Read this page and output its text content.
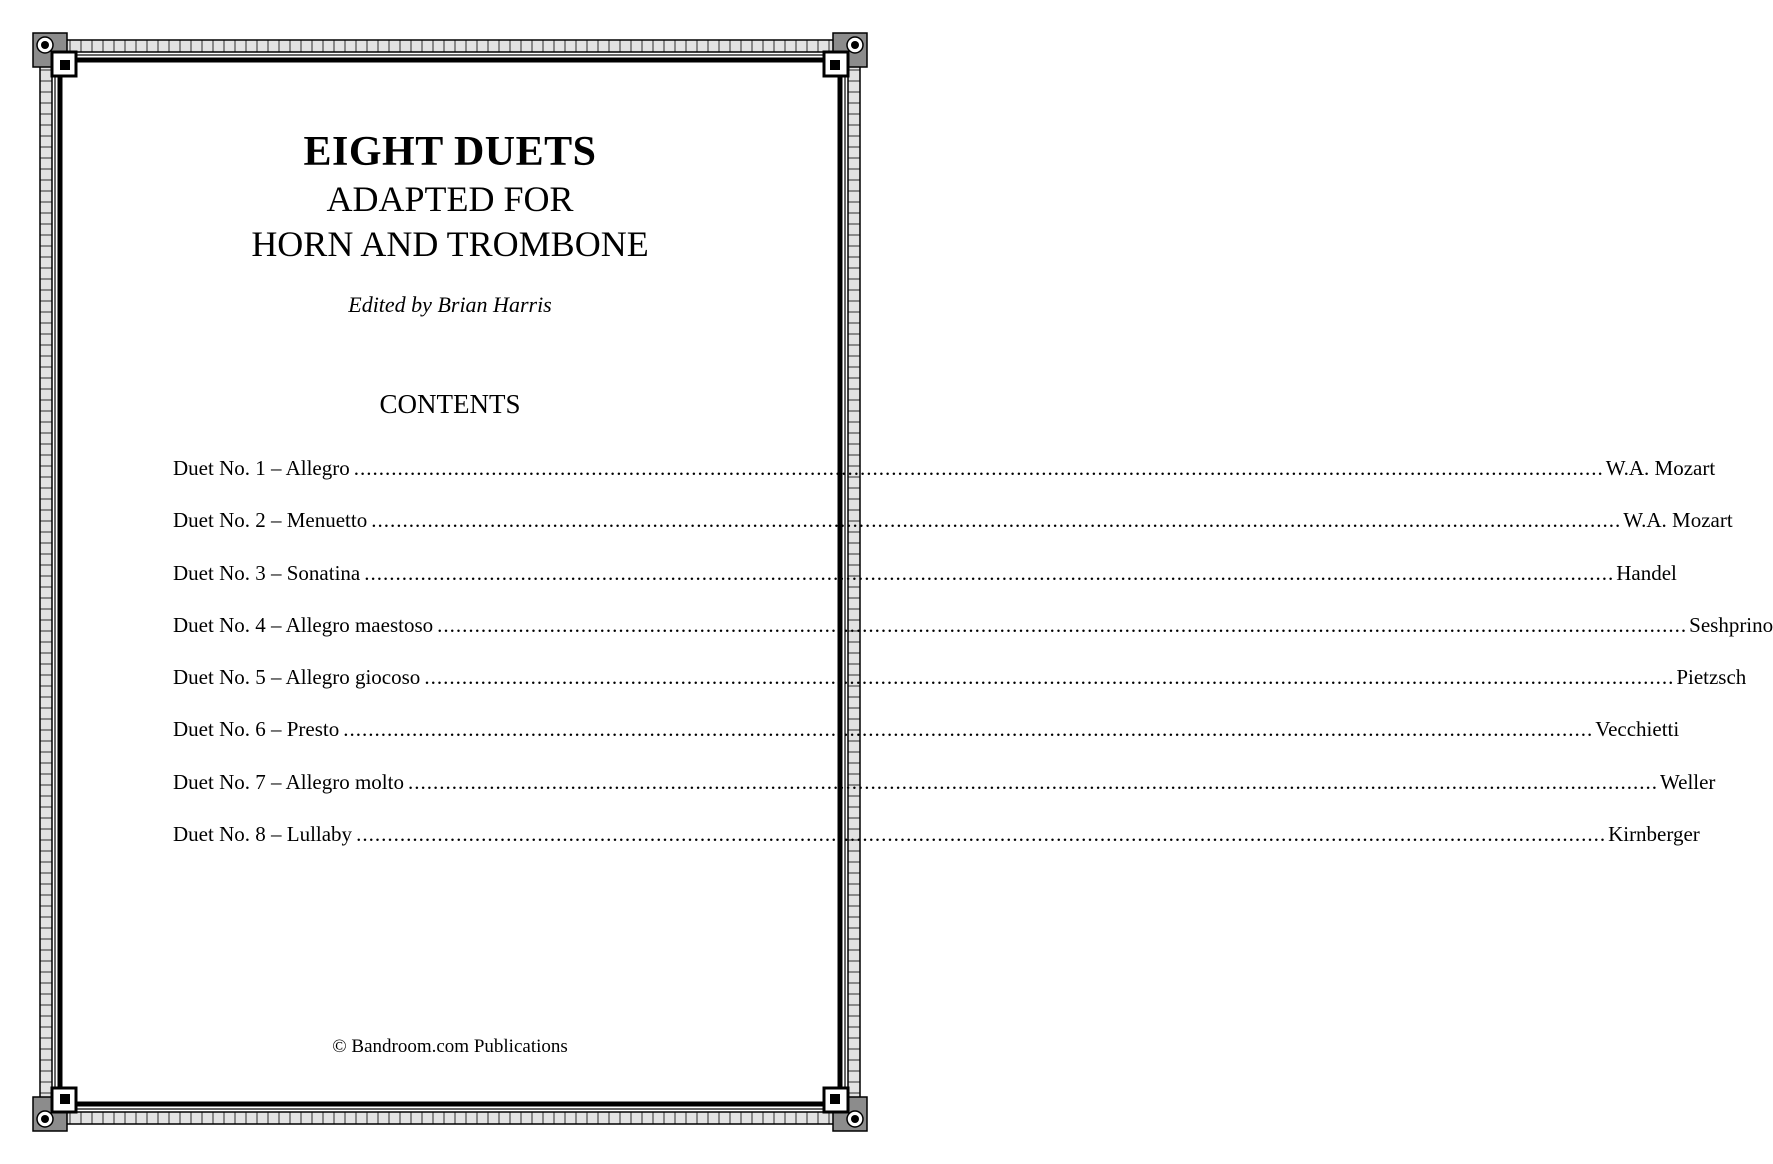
EIGHT DUETS
ADAPTED FOR
HORN AND TROMBONE
Edited by Brian Harris
CONTENTS
Duet No. 1 – Allegro ........................................................................................................................................................................................................ W.A. Mozart
Duet No. 2 – Menuetto ........................................................................................................................................................................................................ W.A. Mozart
Duet No. 3 – Sonatina ........................................................................................................................................................................................................ Handel
Duet No. 4 – Allegro maestoso ........................................................................................................................................................................................................ Seshprino
Duet No. 5 – Allegro giocoso ........................................................................................................................................................................................................ Pietzsch
Duet No. 6 – Presto ........................................................................................................................................................................................................ Vecchietti
Duet No. 7 – Allegro molto ........................................................................................................................................................................................................ Weller
Duet No. 8 – Lullaby ........................................................................................................................................................................................................ Kirnberger
© Bandroom.com Publications
